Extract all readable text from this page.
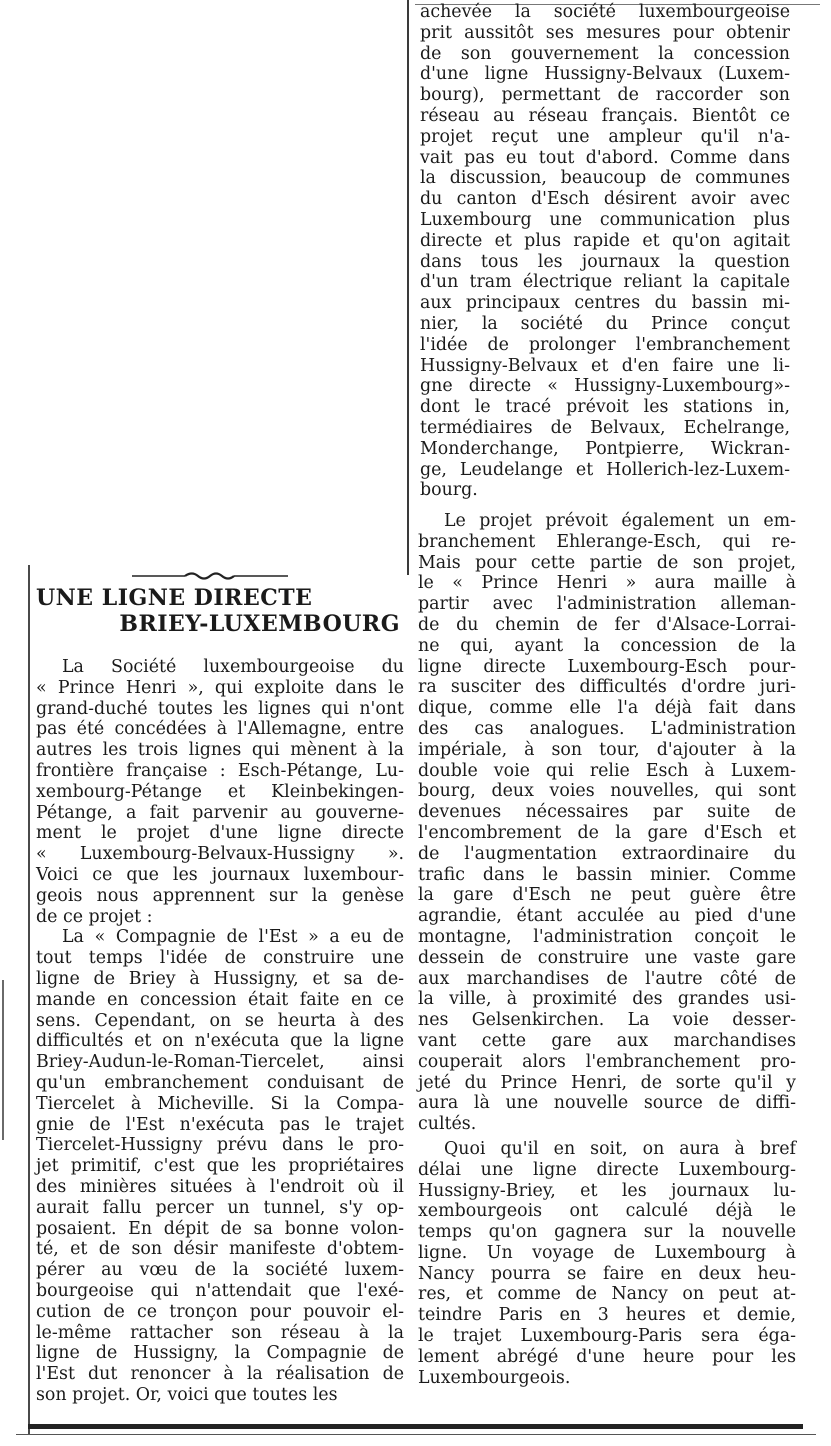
achevée la société luxembourgeoise
prit aussitôt ses mesures pour obtenir
de son gouvernement la concession
d'une ligne Hussigny-Belvaux (Luxem-
bourg), permettant de raccorder son
réseau au réseau français. Bientôt ce
projet reçut une ampleur qu'il n'a-
vait pas eu tout d'abord. Comme dans
la discussion, beaucoup de communes
du canton d'Esch désirent avoir avec
Luxembourg une communication plus
directe et plus rapide et qu'on agitait
dans tous les journaux la question
d'un tram électrique reliant la capitale
aux principaux centres du bassin mi-
nier, la société du Prince conçut
l'idée de prolonger l'embranchement
Hussigny-Belvaux et d'en faire une li-
gne directe « Hussigny-Luxembourg»-
dont le tracé prévoit les stations in,
termédiaires de Belvaux, Echelrange,
Monderchange, Pontpierre, Wickran-
ge, Leudelange et Hollerich-lez-Luxem-
bourg.
Le projet prévoit également un em-
branchement Ehlerange-Esch, qui re-
Mais pour cette partie de son projet,
le « Prince Henri » aura maille à
partir avec l'administration alleman-
de du chemin de fer d'Alsace-Lorrai-
ne qui, ayant la concession de la
ligne directe Luxembourg-Esch pour-
ra susciter des difficultés d'ordre juri-
dique, comme elle l'a déjà fait dans
des cas analogues. L'administration
impériale, à son tour, d'ajouter à la
double voie qui relie Esch à Luxem-
bourg, deux voies nouvelles, qui sont
devenues nécessaires par suite de
l'encombrement de la gare d'Esch et
de l'augmentation extraordinaire du
trafic dans le bassin minier. Comme
la gare d'Esch ne peut guère être
agrandie, étant acculée au pied d'une
montagne, l'administration conçoit le
dessein de construire une vaste gare
aux marchandises de l'autre côté de
la ville, à proximité des grandes usi-
nes Gelsenkirchen. La voie desser-
vant cette gare aux marchandises
couperait alors l'embranchement pro-
jeté du Prince Henri, de sorte qu'il y
aura là une nouvelle source de diffi-
cultés.
Quoi qu'il en soit, on aura à bref
délai une ligne directe Luxembourg-
Hussigny-Briey, et les journaux lu-
xembourgeois ont calculé déjà le
temps qu'on gagnera sur la nouvelle
ligne. Un voyage de Luxembourg à
Nancy pourra se faire en deux heu-
res, et comme de Nancy on peut at-
teindre Paris en 3 heures et demie,
le trajet Luxembourg-Paris sera éga-
lement abrégé d'une heure pour les
Luxembourgeois.
UNE LIGNE DIRECTE
BRIEY-LUXEMBOURG
La Société luxembourgeoise du
« Prince Henri », qui exploite dans le
grand-duché toutes les lignes qui n'ont
pas été concédées à l'Allemagne, entre
autres les trois lignes qui mènent à la
frontière française : Esch-Pétange, Lu-
xembourg-Pétange et Kleinbekingen-
Pétange, a fait parvenir au gouverne-
ment le projet d'une ligne directe
« Luxembourg-Belvaux-Hussigny ».
Voici ce que les journaux luxembour-
geois nous apprennent sur la genèse
de ce projet :
La « Compagnie de l'Est » a eu de
tout temps l'idée de construire une
ligne de Briey à Hussigny, et sa de-
mande en concession était faite en ce
sens. Cependant, on se heurta à des
difficultés et on n'exécuta que la ligne
Briey-Audun-le-Roman-Tiercelet, ainsi
qu'un embranchement conduisant de
Tiercelet à Micheville. Si la Compa-
gnie de l'Est n'exécuta pas le trajet
Tiercelet-Hussigny prévu dans le pro-
jet primitif, c'est que les propriétaires
des minières situées à l'endroit où il
aurait fallu percer un tunnel, s'y op-
posaient. En dépit de sa bonne volon-
té, et de son désir manifeste d'obtem-
pérer au vœu de la société luxem-
bourgeoise qui n'attendait que l'exé-
cution de ce tronçon pour pouvoir el-
le-même rattacher son réseau à la
ligne de Hussigny, la Compagnie de
l'Est dut renoncer à la réalisation de
son projet. Or, voici que toutes les
